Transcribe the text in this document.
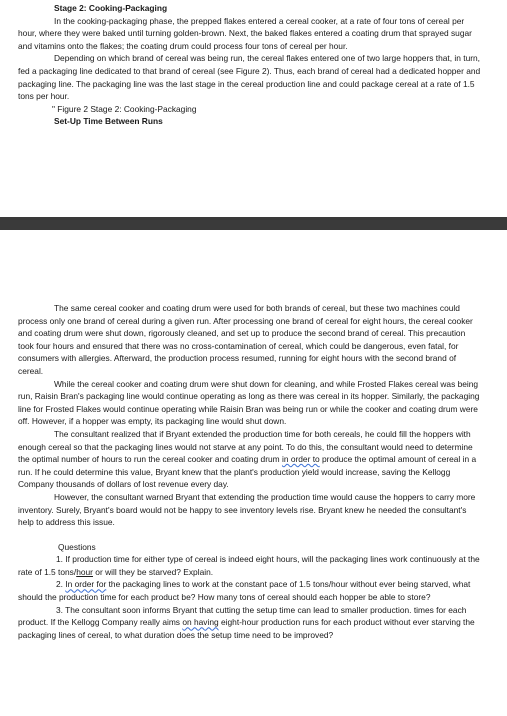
Stage 2: Cooking-Packaging

In the cooking-packaging phase, the prepped flakes entered a cereal cooker, at a rate of four tons of cereal per hour, where they were baked until turning golden-brown. Next, the baked flakes entered a coating drum that sprayed sugar and vitamins onto the flakes; the coating drum could process four tons of cereal per hour.

Depending on which brand of cereal was being run, the cereal flakes entered one of two large hoppers that, in turn, fed a packaging line dedicated to that brand of cereal (see Figure 2). Thus, each brand of cereal had a dedicated hopper and packaging line. The packaging line was the last stage in the cereal production line and could package cereal at a rate of 1.5 tons per hour.

" Figure 2 Stage 2: Cooking-Packaging

Set-Up Time Between Runs

The same cereal cooker and coating drum were used for both brands of cereal, but these two machines could process only one brand of cereal during a given run. After processing one brand of cereal for eight hours, the cereal cooker and coating drum were shut down, rigorously cleaned, and set up to produce the second brand of cereal. This precaution took four hours and ensured that there was no cross-contamination of cereal, which could be dangerous, even fatal, for consumers with allergies. Afterward, the production process resumed, running for eight hours with the second brand of cereal.

While the cereal cooker and coating drum were shut down for cleaning, and while Frosted Flakes cereal was being run, Raisin Bran's packaging line would continue operating as long as there was cereal in its hopper. Similarly, the packaging line for Frosted Flakes would continue operating while Raisin Bran was being run or while the cooker and coating drum were off. However, if a hopper was empty, its packaging line would shut down.

The consultant realized that if Bryant extended the production time for both cereals, he could fill the hoppers with enough cereal so that the packaging lines would not starve at any point. To do this, the consultant would need to determine the optimal number of hours to run the cereal cooker and coating drum in order to produce the optimal amount of cereal in a run. If he could determine this value, Bryant knew that the plant's production yield would increase, saving the Kellogg Company thousands of dollars of lost revenue every day.

However, the consultant warned Bryant that extending the production time would cause the hoppers to carry more inventory. Surely, Bryant's board would not be happy to see inventory levels rise. Bryant knew he needed the consultant's help to address this issue.

Questions

1. If production time for either type of cereal is indeed eight hours, will the packaging lines work continuously at the rate of 1.5 tons/hour or will they be starved? Explain.

2. In order for the packaging lines to work at the constant pace of 1.5 tons/hour without ever being starved, what should the production time for each product be? How many tons of cereal should each hopper be able to store?

3. The consultant soon informs Bryant that cutting the setup time can lead to smaller production. times for each product. If the Kellogg Company really aims on having eight-hour production runs for each product without ever starving the packaging lines of cereal, to what duration does the setup time need to be improved?
